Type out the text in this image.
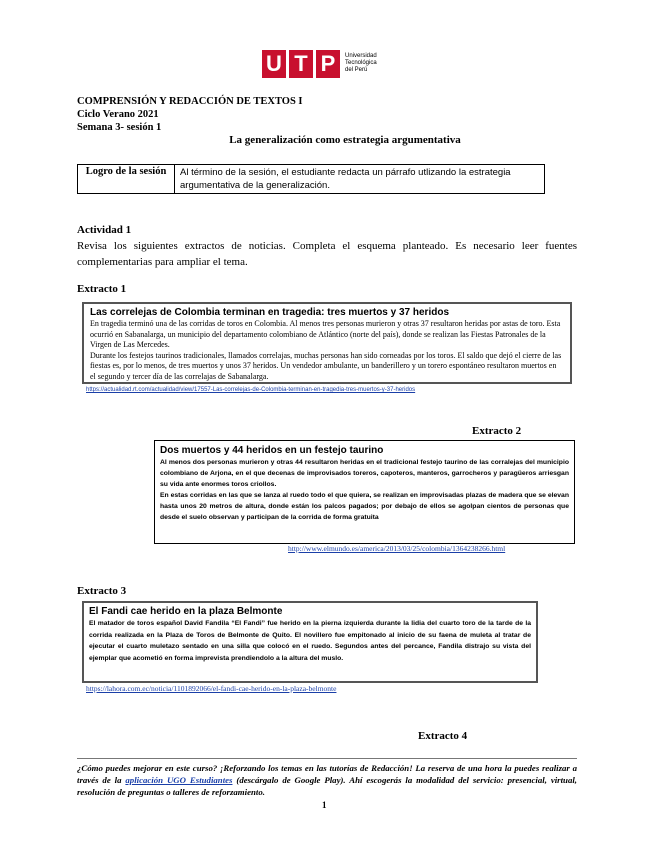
U T P	Universidad
Tecnológica
del Perú
COMPRENSIÓN Y REDACCIÓN DE TEXTOS I
Ciclo Verano 2021
Semana 3- sesión 1
La generalización como estrategia argumentativa
Logro de la sesión	Al término de la sesión, el estudiante redacta un párrafo utlizando la estrategia argumentativa de la generalización.
Actividad 1
Revisa los siguientes extractos de noticias. Completa el esquema planteado. Es necesario leer fuentes complementarias para ampliar el tema.
Extracto 1
Las correlejas de Colombia terminan en tragedia: tres muertos y 37 heridos
En tragedia terminó una de las corridas de toros en Colombia. Al menos tres personas murieron y otras 37 resultaron heridas por astas de toro. Esta ocurrió en Sabanalarga, un municipio del departamento colombiano de Atlántico (norte del país), donde se realizan las Fiestas Patronales de la Virgen de Las Mercedes.
Durante los festejos taurinos tradicionales, llamados correlajas, muchas personas han sido corneadas por los toros. El saldo que dejó el cierre de las fiestas es, por lo menos, de tres muertos y unos 37 heridos. Un vendedor ambulante, un banderillero y un torero espontáneo resultaron muertos en el segundo y tercer día de las correlajas de Sabanalarga.
https://actualidad.rt.com/actualidad/view/17557-Las-correlejas-de-Colombia-terminan-en-tragedia-tres-muertos-y-37-heridos
Extracto 2
Dos muertos y 44 heridos en un festejo taurino
Al menos dos personas murieron y otras 44 resultaron heridas en el tradicional festejo taurino de las corralejas del municipio colombiano de Arjona, en el que decenas de improvisados toreros, capoteros, manteros, garrocheros y paragüeros arriesgan su vida ante enormes toros criollos.
En estas corridas en las que se lanza al ruedo todo el que quiera, se realizan en improvisadas plazas de madera que se elevan hasta unos 20 metros de altura, donde están los palcos pagados; por debajo de ellos se agolpan cientos de personas que desde el suelo observan y participan de la corrida de forma gratuita
http://www.elmundo.es/america/2013/03/25/colombia/1364238266.html
Extracto 3
El Fandi cae herido en la plaza Belmonte
El matador de toros español David Fandila “El Fandi” fue herido en la pierna izquierda durante la lidia del cuarto toro de la tarde de la corrida realizada en la Plaza de Toros de Belmonte de Quito. El novillero fue empitonado al inicio de su faena de muleta al tratar de ejecutar el cuarto muletazo sentado en una silla que colocó en el ruedo. Segundos antes del percance, Fandila distrajo su vista del ejemplar que acometió en forma imprevista prendiendolo a la altura del muslo.
https://lahora.com.ec/noticia/1101892066/el-fandi-cae-herido-en-la-plaza-belmonte
Extracto 4
¿Cómo puedes mejorar en este curso? ¡Reforzando los temas en las tutorías de Redacción! La reserva de una hora la puedes realizar a través de la aplicación UGO Estudiantes (descárgalo de Google Play). Ahí escogerás la modalidad del servicio: presencial, virtual, resolución de preguntas o talleres de reforzamiento.
1
